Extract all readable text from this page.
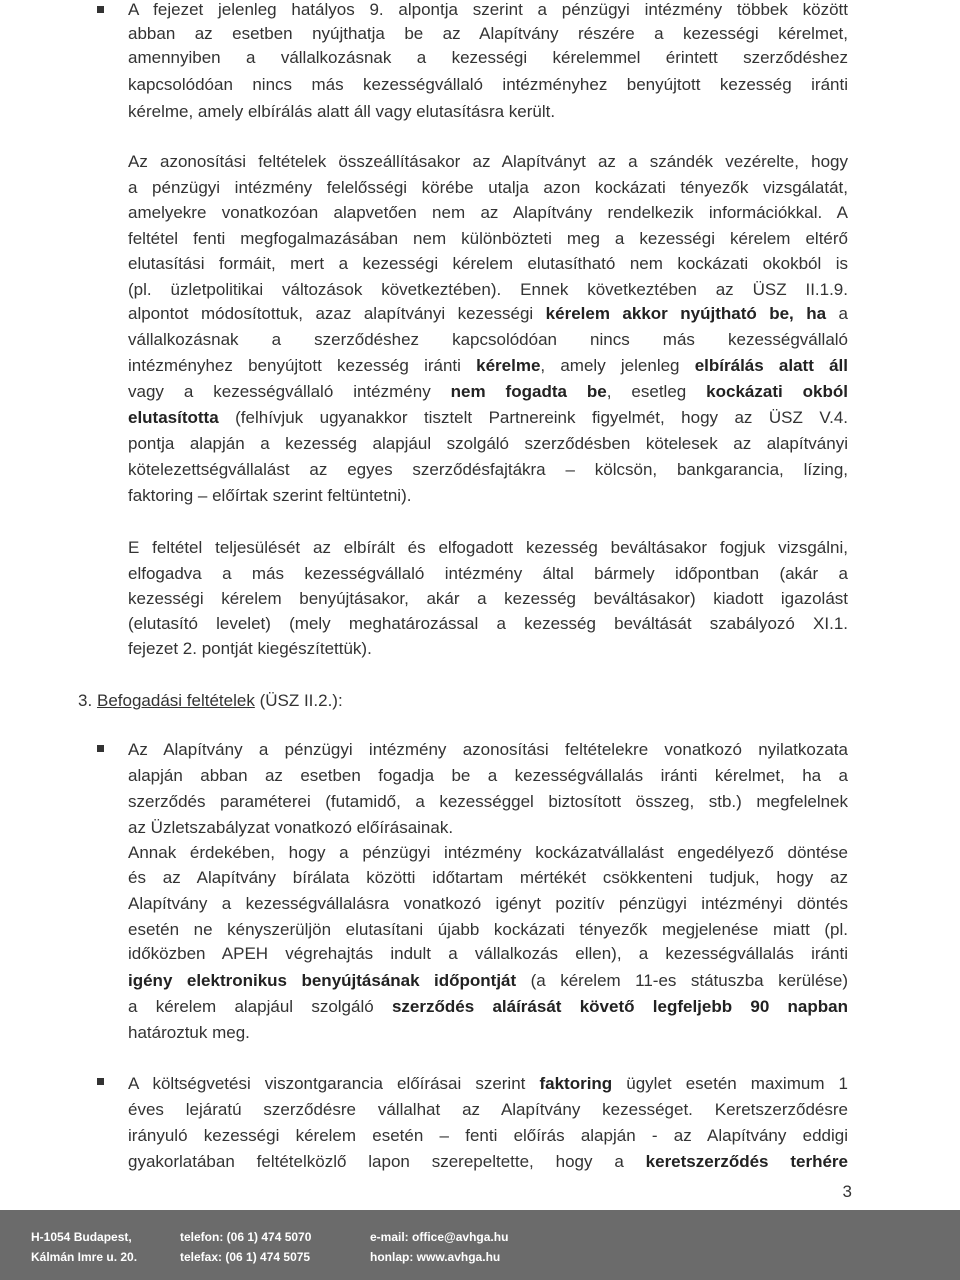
A fejezet jelenleg hatályos 9. alpontja szerint a pénzügyi intézmény többek között
abban az esetben nyújthatja be az Alapítvány részére a kezességi kérelmet,
amennyiben a vállalkozásnak a kezességi kérelemmel érintett szerződéshez
kapcsolódóan nincs más kezességvállaló intézményhez benyújtott kezesség iránti
kérelme, amely elbírálás alatt áll vagy elutasításra került.
Az azonosítási feltételek összeállításakor az Alapítványt az a szándék vezérelte, hogy
a pénzügyi intézmény felelősségi körébe utalja azon kockázati tényezők vizsgálatát,
amelyekre vonatkozóan alapvetően nem az Alapítvány rendelkezik információkkal. A
feltétel fenti megfogalmazásában nem különbözteti meg a kezességi kérelem eltérő
elutasítási formáit, mert a kezességi kérelem elutasítható nem kockázati okokból is
(pl. üzletpolitikai változások következtében). Ennek következtében az ÜSZ II.1.9.
alpontot módosítottuk, azaz alapítványi kezességi kérelem akkor nyújtható be, ha a
vállalkozásnak a szerződéshez kapcsolódóan nincs más kezességvállaló
intézményhez benyújtott kezesség iránti kérelme, amely jelenleg elbírálás alatt áll
vagy a kezességvállaló intézmény nem fogadta be, esetleg kockázati okból
elutasította (felhívjuk ugyanakkor tisztelt Partnereink figyelmét, hogy az ÜSZ V.4.
pontja alapján a kezesség alapjául szolgáló szerződésben kötelesek az alapítványi
kötelezettségvállalást az egyes szerződésfajtákra – kölcsön, bankgarancia, lízing,
faktoring – előírtak szerint feltüntetni).
E feltétel teljesülését az elbírált és elfogadott kezesség beváltásakor fogjuk vizsgálni,
elfogadva a más kezességvállaló intézmény által bármely időpontban (akár a
kezességi kérelem benyújtásakor, akár a kezesség beváltásakor) kiadott igazolást
(elutasító levelet) (mely meghatározással a kezesség beváltását szabályozó XI.1.
fejezet 2. pontját kiegészítettük).
3. Befogadási feltételek (ÜSZ II.2.):
Az Alapítvány a pénzügyi intézmény azonosítási feltételekre vonatkozó nyilatkozata
alapján abban az esetben fogadja be a kezességvállalás iránti kérelmet, ha a
szerződés paraméterei (futamidő, a kezességgel biztosított összeg, stb.) megfelelnek
az Üzletszabályzat vonatkozó előírásainak.
Annak érdekében, hogy a pénzügyi intézmény kockázatvállalást engedélyező döntése
és az Alapítvány bírálata közötti időtartam mértékét csökkenteni tudjuk, hogy az
Alapítvány a kezességvállalásra vonatkozó igényt pozitív pénzügyi intézményi döntés
esetén ne kényszerüljön elutasítani újabb kockázati tényezők megjelenése miatt (pl.
időközben APEH végrehajtás indult a vállalkozás ellen), a kezességvállalás iránti
igény elektronikus benyújtásának időpontját (a kérelem 11-es státuszba kerülése)
a kérelem alapjául szolgáló szerződés aláírását követő legfeljebb 90 napban
határoztuk meg.
A költségvetési viszontgarancia előírásai szerint faktoring ügylet esetén maximum 1
éves lejáratú szerződésre vállalhat az Alapítvány kezességet. Keretszerződésre
irányuló kezességi kérelem esetén – fenti előírás alapján - az Alapítvány eddigi
gyakorlatában feltételközlő lapon szerepeltette, hogy a keretszerződés terhére
3
H-1054 Budapest,
Kálmán Imre u. 20.
telefon: (06 1) 474 5070
telefax: (06 1) 474 5075
e-mail: office@avhga.hu
honlap: www.avhga.hu
